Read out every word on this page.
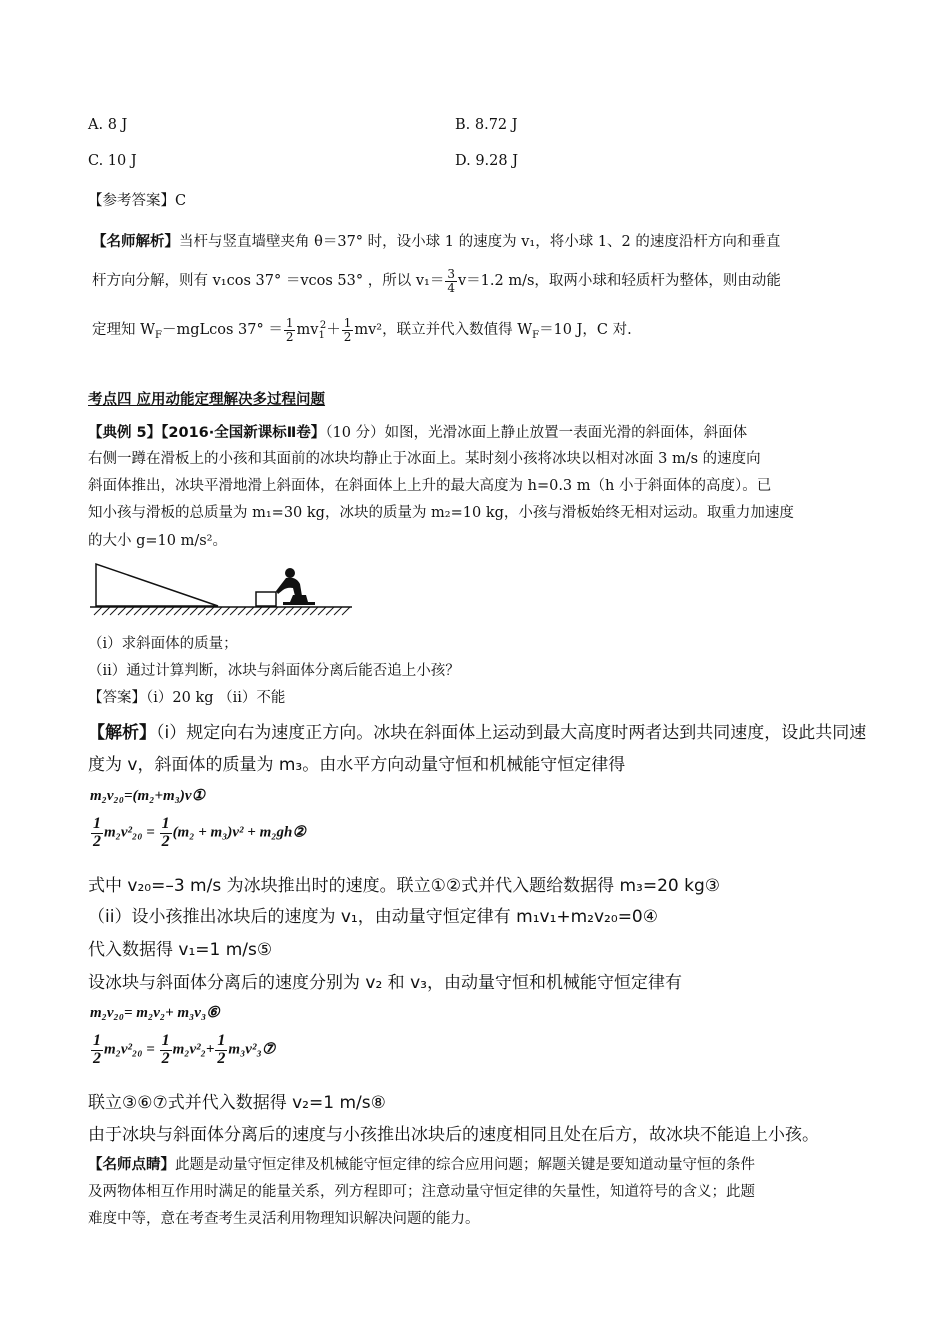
A. 8 J	B. 8.72 J
C. 10 J	D. 9.28 J
【参考答案】C
【名师解析】当杆与竖直墙壁夹角 θ＝37° 时，设小球 1 的速度为 v₁，将小球 1、2 的速度沿杆方向和垂直
杆方向分解，则有 v₁cos 37° ＝vcos 53° ，所以 $v_1= \frac{3}{4} v=1.2$ m/s，取两小球和轻质杆为整体，则由动能
定理知 $W_F-mgLcos$ $37^\circ = \frac{1}{2} mv_1^2+ \frac{1}{2} mv^2$，联立并代入数值得 $W_F=10$ J，C 对.
考点四 应用动能定理解决多过程问题
【典例 5】【2016·全国新课标Ⅱ卷】（10 分）如图，光滑冰面上静止放置一表面光滑的斜面体，斜面体
右侧一蹲在滑板上的小孩和其面前的冰块均静止于冰面上。某时刻小孩将冰块以相对冰面 3 m/s 的速度向
斜面体推出，冰块平滑地滑上斜面体，在斜面体上上升的最大高度为 h=0.3 m（h 小于斜面体的高度）。已
知小孩与滑板的总质量为 m₁=30 kg，冰块的质量为 m₂=10 kg，小孩与滑板始终无相对运动。取重力加速度
的大小 g=10 m/s²。
（i）求斜面体的质量；
（ii）通过计算判断，冰块与斜面体分离后能否追上小孩？
【答案】（i）20 kg （ii）不能
【解析】（i）规定向右为速度正方向。冰块在斜面体上运动到最大高度时两者达到共同速度，设此共同速
度为 v，斜面体的质量为 m₃。由水平方向动量守恒和机械能守恒定律得
m₂v₂₀=(m₂+m₃)v①
$\frac{1}{2} m_2v^2_{20} = \frac{1}{2} (m_2 + m_3)v^2$ + m₂gh②
式中 v₂₀=–3 m/s 为冰块推出时的速度。联立①②式并代入题给数据得 m₃=20 kg③
（ii）设小孩推出冰块后的速度为 v₁，由动量守恒定律有 m₁v₁+m₂v₂₀=0④
代入数据得 v₁=1 m/s⑤
设冰块与斜面体分离后的速度分别为 v₂ 和 v₃，由动量守恒和机械能守恒定律有
m₂v₂₀= m₂v₂+ m₃v₃⑥
$\frac{1}{2} m_2v^2_{20} = \frac{1}{2} m_2v^2_2+ \frac{1}{2}$ m₃v²₃⑦
联立③⑥⑦式并代入数据得 v₂=1 m/s⑧
由于冰块与斜面体分离后的速度与小孩推出冰块后的速度相同且处在后方，故冰块不能追上小孩。
【名师点睛】此题是动量守恒定律及机械能守恒定律的综合应用问题；解题关键是要知道动量守恒的条件
及两物体相互作用时满足的能量关系，列方程即可；注意动量守恒定律的矢量性，知道符号的含义；此题
难度中等，意在考查考生灵活利用物理知识解决问题的能力。
